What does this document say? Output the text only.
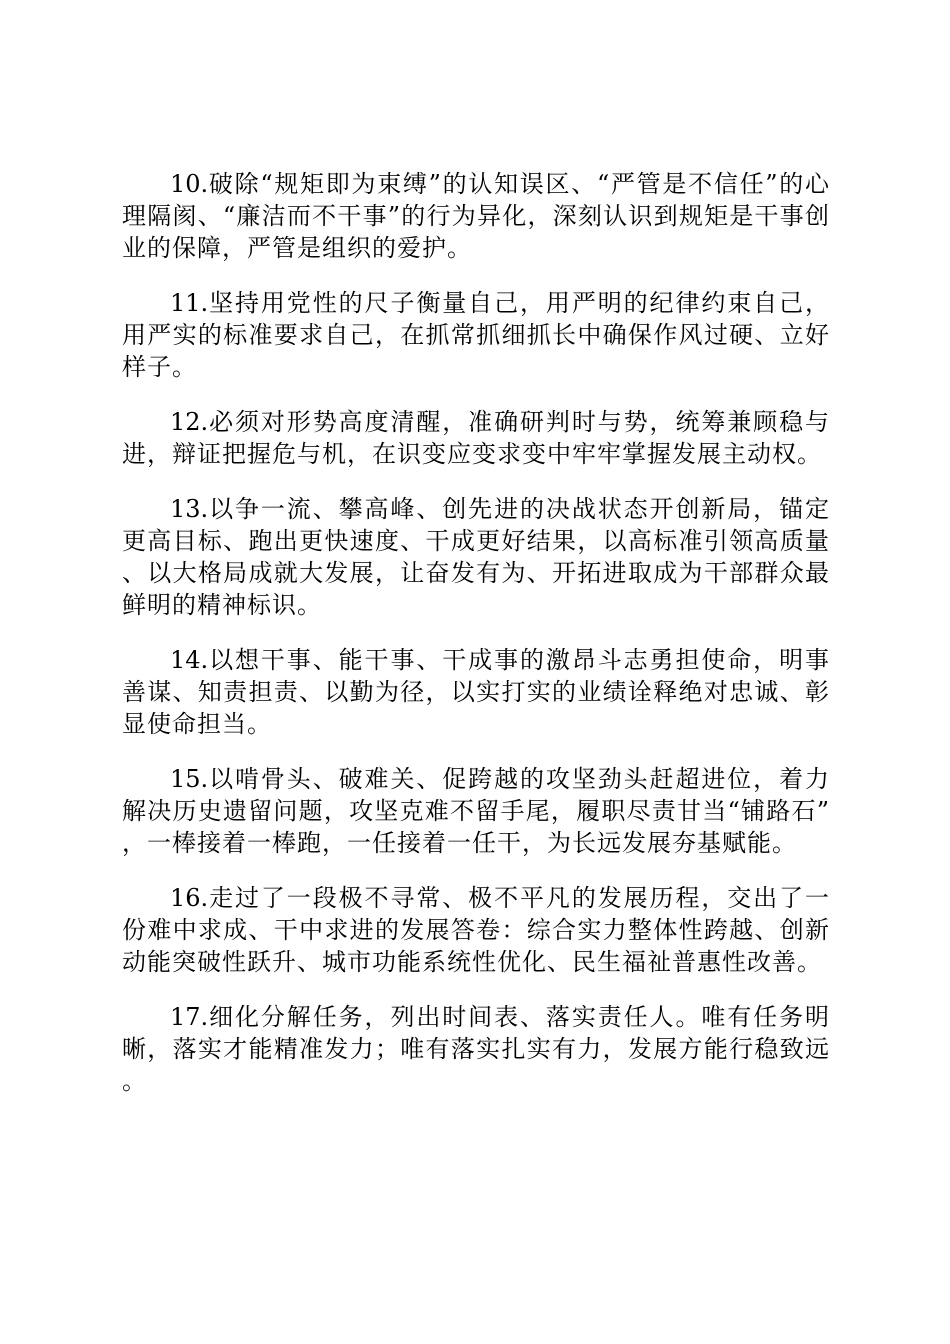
10.破除“规矩即为束缚”的认知误区、“严管是不信任”的心理隔阂、“廉洁而不干事”的行为异化，深刻认识到规矩是干事创业的保障，严管是组织的爱护。

11.坚持用党性的尺子衡量自己，用严明的纪律约束自己，用严实的标准要求自己，在抓常抓细抓长中确保作风过硬、立好样子。

12.必须对形势高度清醒，准确研判时与势，统筹兼顾稳与进，辩证把握危与机，在识变应变求变中牢牢掌握发展主动权。

13.以争一流、攀高峰、创先进的决战状态开创新局，锚定更高目标、跑出更快速度、干成更好结果，以高标准引领高质量、以大格局成就大发展，让奋发有为、开拓进取成为干部群众最鲜明的精神标识。

14.以想干事、能干事、干成事的激昂斗志勇担使命，明事善谋、知责担责、以勤为径，以实打实的业绩诠释绝对忠诚、彰显使命担当。

15.以啃骨头、破难关、促跨越的攻坚劲头赶超进位，着力解决历史遗留问题，攻坚克难不留手尾，履职尽责甘当“铺路石”，一棒接着一棒跑，一任接着一任干，为长远发展夯基赋能。

16.走过了一段极不寻常、极不平凡的发展历程，交出了一份难中求成、干中求进的发展答卷：综合实力整体性跨越、创新动能突破性跃升、城市功能系统性优化、民生福祉普惠性改善。

17.细化分解任务，列出时间表、落实责任人。唯有任务明晰，落实才能精准发力；唯有落实扎实有力，发展方能行稳致远。
